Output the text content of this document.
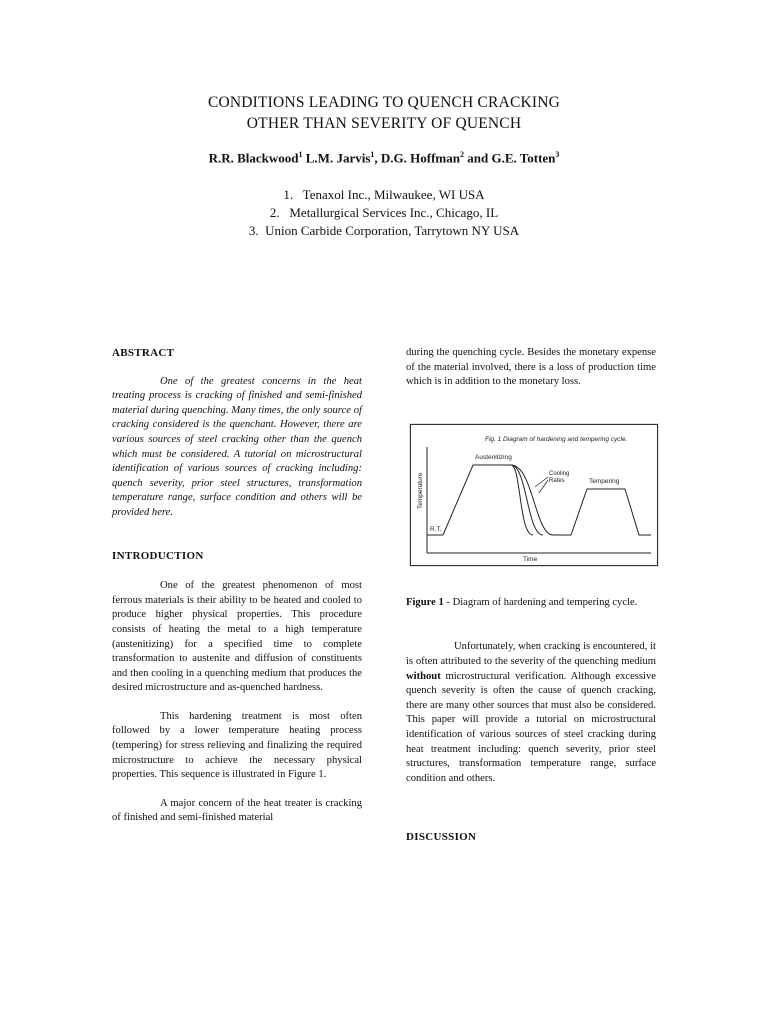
CONDITIONS LEADING TO QUENCH CRACKING
OTHER THAN SEVERITY OF QUENCH
R.R. Blackwood$^1$ L.M. Jarvis$^1$, D.G. Hoffman$^2$ and G.E. Totten$^3$
1.   Tenaxol Inc., Milwaukee, WI USA
2.   Metallurgical Services Inc., Chicago, IL
3.  Union Carbide Corporation, Tarrytown NY USA

ABSTRACT

One of the greatest concerns in the heat treating process is cracking of finished and semi-finished material during quenching. Many times, the only source of cracking considered is the quenchant. However, there are various sources of steel cracking other than the quench which must be considered. A tutorial on microstructural identification of various sources of cracking including: quench severity, prior steel structures, transformation temperature range, surface condition and others will be provided here.

INTRODUCTION

One of the greatest phenomenon of most ferrous materials is their ability to be heated and cooled to produce higher physical properties. This procedure consists of heating the metal to a high temperature (austenitizing) for a specified time to complete transformation to austenite and diffusion of constituents and then cooling in a quenching medium that produces the desired microstructure and as-quenched hardness.

This hardening treatment is most often followed by a lower temperature heating process (tempering) for stress relieving and finalizing the required microstructure to achieve the necessary physical properties. This sequence is illustrated in Figure 1.

A major concern of the heat treater is cracking of finished and semi-finished material

during the quenching cycle. Besides the monetary expense of the material involved, there is a loss of production time which is in addition to the monetary loss.

Fig. 1 Diagram of hardening and tempering cycle.
Temperature
Time
R.T.
Austenitizing
Cooling Rates	Tempering

Figure 1 - Diagram of hardening and tempering cycle.

Unfortunately, when cracking is encountered, it is often attributed to the severity of the quenching medium without microstructural verification. Although excessive quench severity is often the cause of quench cracking, there are many other sources that must also be considered. This paper will provide a tutorial on microstructural identification of various sources of steel cracking during heat treatment including: quench severity, prior steel structures, transformation temperature range, surface condition and others.

DISCUSSION
